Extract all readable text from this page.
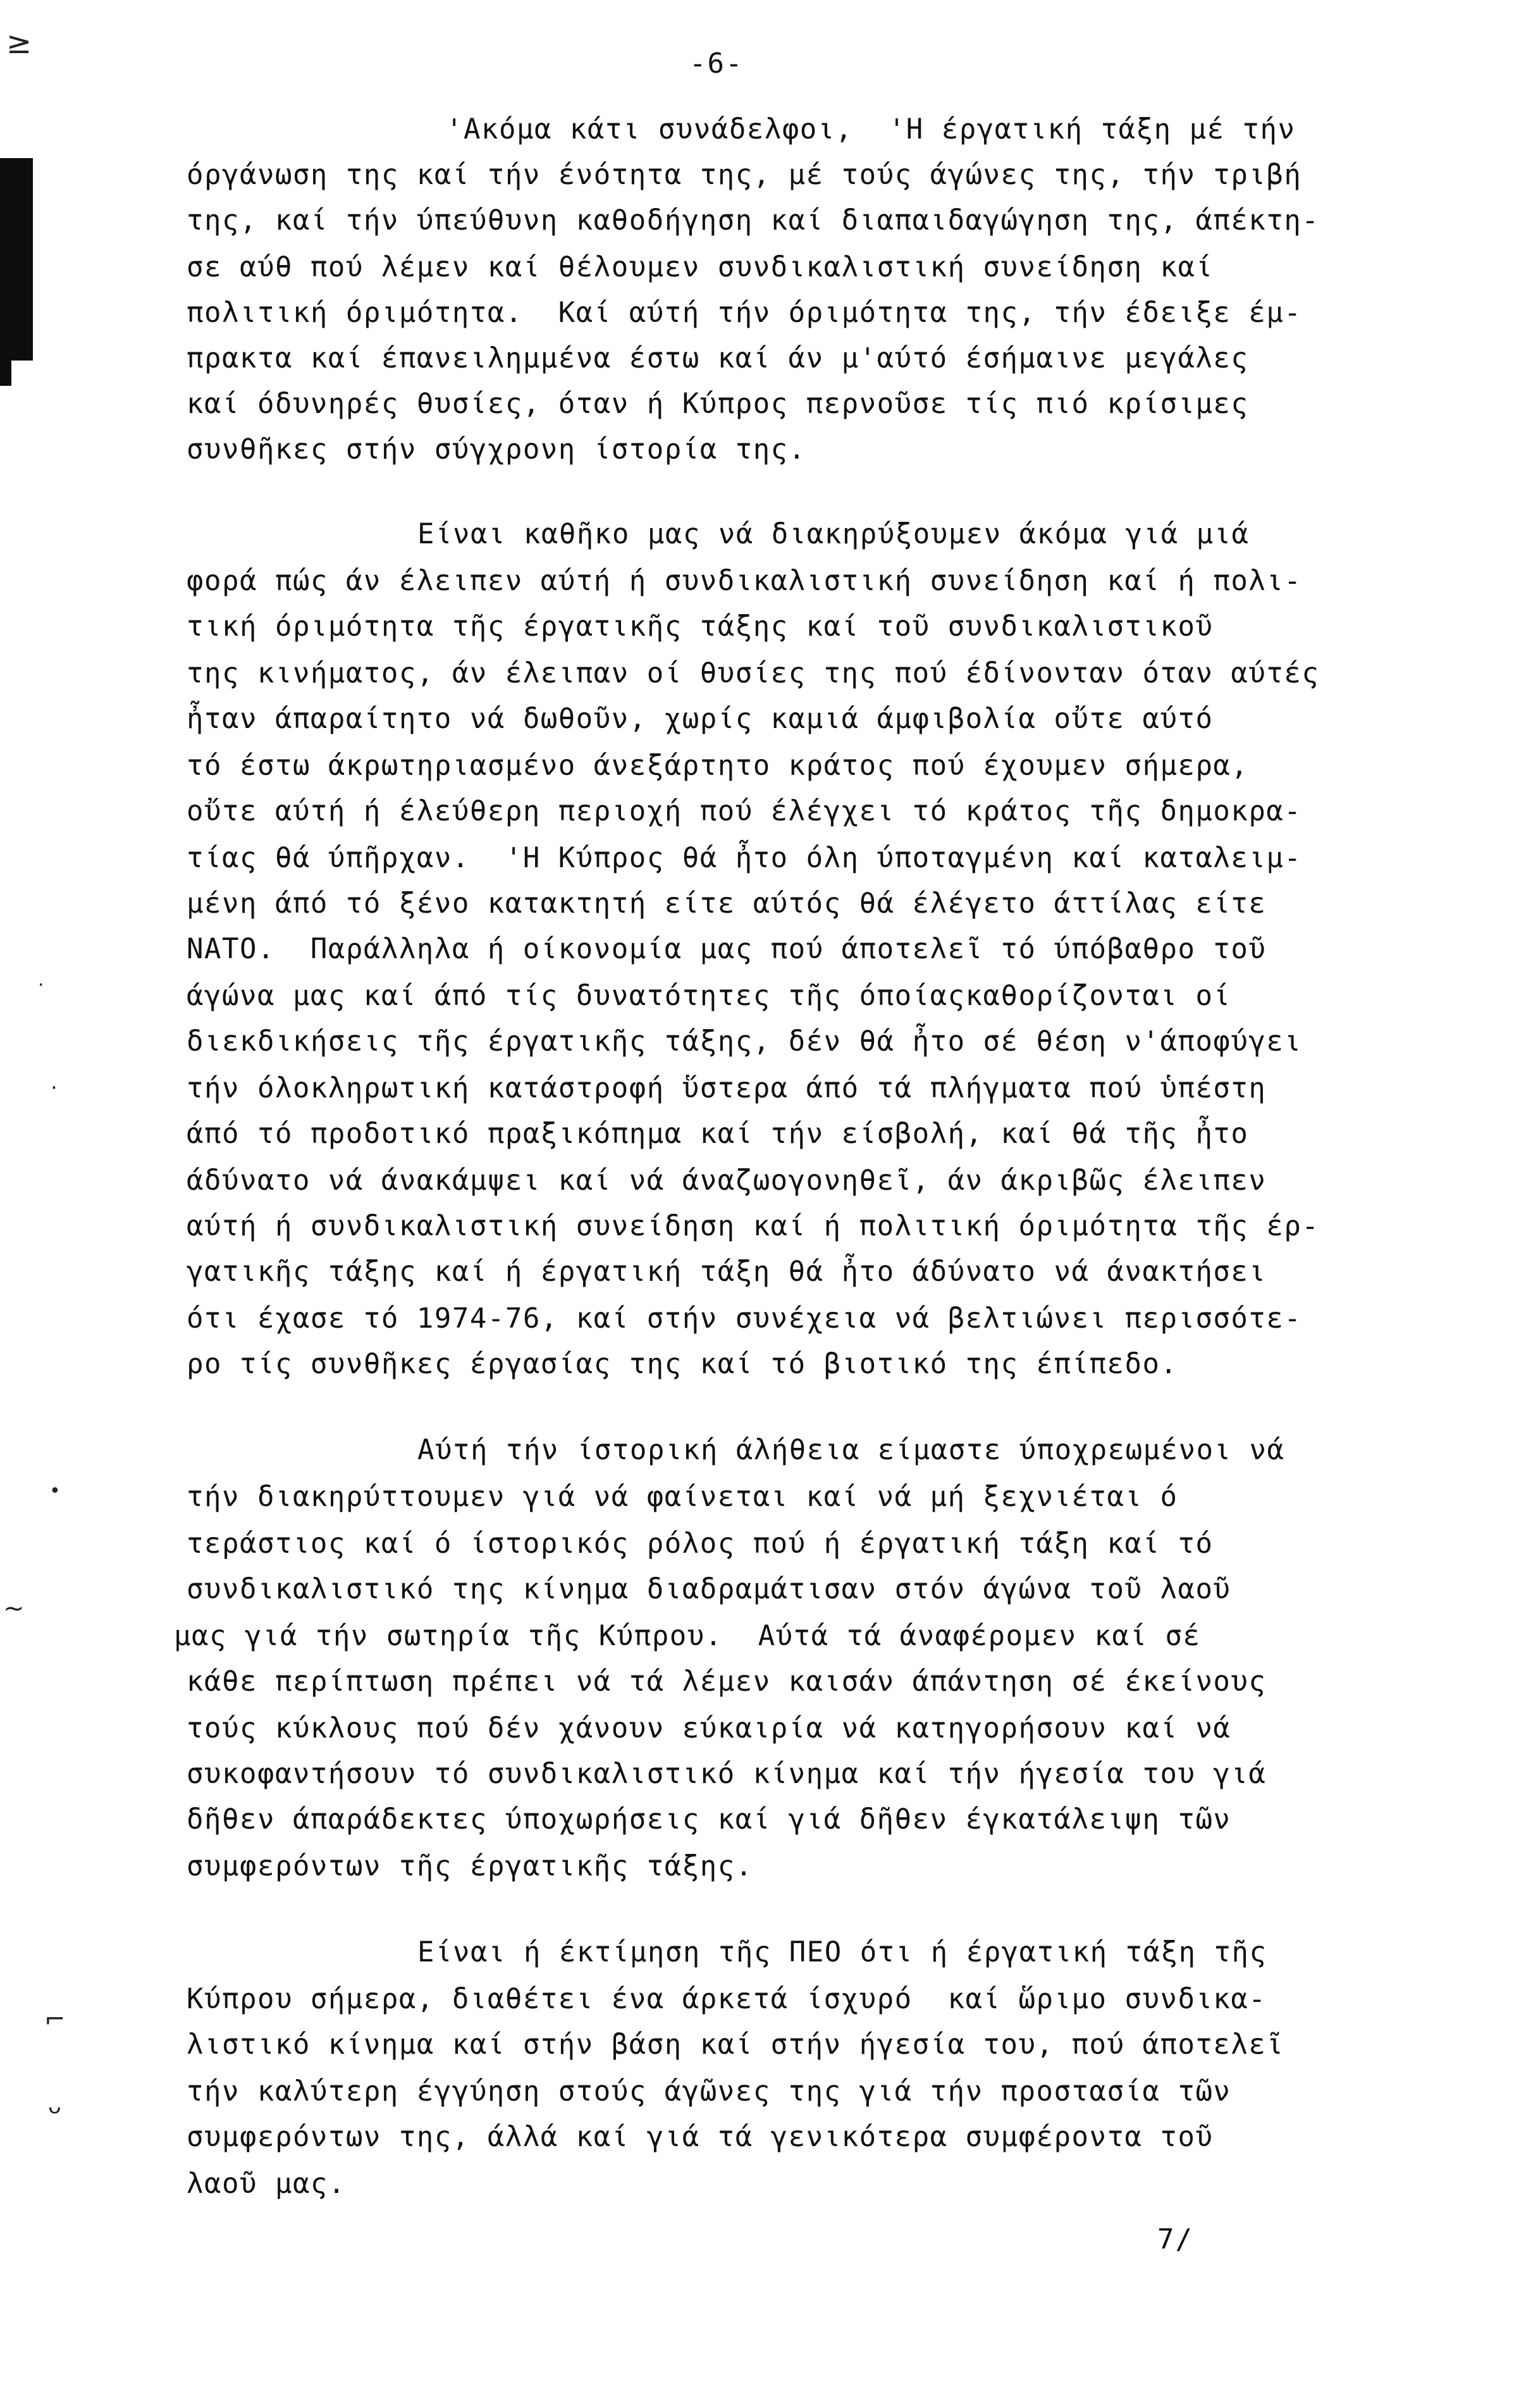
≥
·
·
•
~
⌐
ᴗ
-6-
'Ακόμα κάτι συνάδελφοι,  'Η έργατική τάξη μέ τήν
όργάνωση της καί τήν ένότητα της, μέ τούς άγώνες της, τήν τριβή
της, καί τήν ύπεύθυνη καθοδήγηση καί διαπαιδαγώγηση της, άπέκτη-
σε αύθ πού λέμεν καί θέλουμεν συνδικαλιστική συνείδηση καί
πολιτική όριμότητα.  Καί αύτή τήν όριμότητα της, τήν έδειξε έμ-
πρακτα καί έπανειλημμένα έστω καί άν μ'αύτό έσήμαινε μεγάλες
καί όδυνηρές θυσίες, όταν ή Κύπρος περνοῦσε τίς πιό κρίσιμες
συνθῆκες στήν σύγχρονη ίστορία της.
Είναι καθῆκο μας νά διακηρύξουμεν άκόμα γιά μιά
φορά πώς άν έλειπεν αύτή ή συνδικαλιστική συνείδηση καί ή πολι-
τική όριμότητα τῆς έργατικῆς τάξης καί τοῦ συνδικαλιστικοῦ
της κινήματος, άν έλειπαν οί θυσίες της πού έδίνονταν όταν αύτές
ἦταν άπαραίτητο νά δωθοῦν, χωρίς καμιά άμφιβολία οὔτε αύτό
τό έστω άκρωτηριασμένο άνεξάρτητο κράτος πού έχουμεν σήμερα,
οὔτε αύτή ή έλεύθερη περιοχή πού έλέγχει τό κράτος τῆς δημοκρα-
τίας θά ύπῆρχαν.  'Η Κύπρος θά ἦτο όλη ύποταγμένη καί καταλειμ-
μένη άπό τό ξένο κατακτητή είτε αύτός θά έλέγετο άττίλας είτε
ΝΑΤΟ.  Παράλληλα ή οίκονομία μας πού άποτελεῖ τό ύπόβαθρο τοῦ
άγώνα μας καί άπό τίς δυνατότητες τῆς όποίαςκαθορίζονται οί
διεκδικήσεις τῆς έργατικῆς τάξης, δέν θά ἦτο σέ θέση ν'άποφύγει
τήν όλοκληρωτική κατάστροφή ὕστερα άπό τά πλήγματα πού ὑπέστη
άπό τό προδοτικό πραξικόπημα καί τήν είσβολή, καί θά τῆς ἦτο
άδύνατο νά άνακάμψει καί νά άναζωογονηθεῖ, άν άκριβῶς έλειπεν
αύτή ή συνδικαλιστική συνείδηση καί ή πολιτική όριμότητα τῆς έρ-
γατικῆς τάξης καί ή έργατική τάξη θά ἦτο άδύνατο νά άνακτήσει
ότι έχασε τό 1974-76, καί στήν συνέχεια νά βελτιώνει περισσότε-
ρο τίς συνθῆκες έργασίας της καί τό βιοτικό της έπίπεδο.
Αύτή τήν ίστορική άλήθεια είμαστε ύποχρεωμένοι νά
τήν διακηρύττουμεν γιά νά φαίνεται καί νά μή ξεχνιέται ό
τεράστιος καί ό ίστορικός ρόλος πού ή έργατική τάξη καί τό
συνδικαλιστικό της κίνημα διαδραμάτισαν στόν άγώνα τοῦ λαοῦ
μας γιά τήν σωτηρία τῆς Κύπρου.  Αύτά τά άναφέρομεν καί σέ
κάθε περίπτωση πρέπει νά τά λέμεν καισάν άπάντηση σέ έκείνους
τούς κύκλους πού δέν χάνουν εύκαιρία νά κατηγορήσουν καί νά
συκοφαντήσουν τό συνδικαλιστικό κίνημα καί τήν ήγεσία του γιά
δῆθεν άπαράδεκτες ύποχωρήσεις καί γιά δῆθεν έγκατάλειψη τῶν
συμφερόντων τῆς έργατικῆς τάξης.
Είναι ή έκτίμηση τῆς ΠΕΟ ότι ή έργατική τάξη τῆς
Κύπρου σήμερα, διαθέτει ένα άρκετά ίσχυρό  καί ὥριμο συνδικα-
λιστικό κίνημα καί στήν βάση καί στήν ήγεσία του, πού άποτελεῖ
τήν καλύτερη έγγύηση στούς άγῶνες της γιά τήν προστασία τῶν
συμφερόντων της, άλλά καί γιά τά γενικότερα συμφέροντα τοῦ
λαοῦ μας.
7/
